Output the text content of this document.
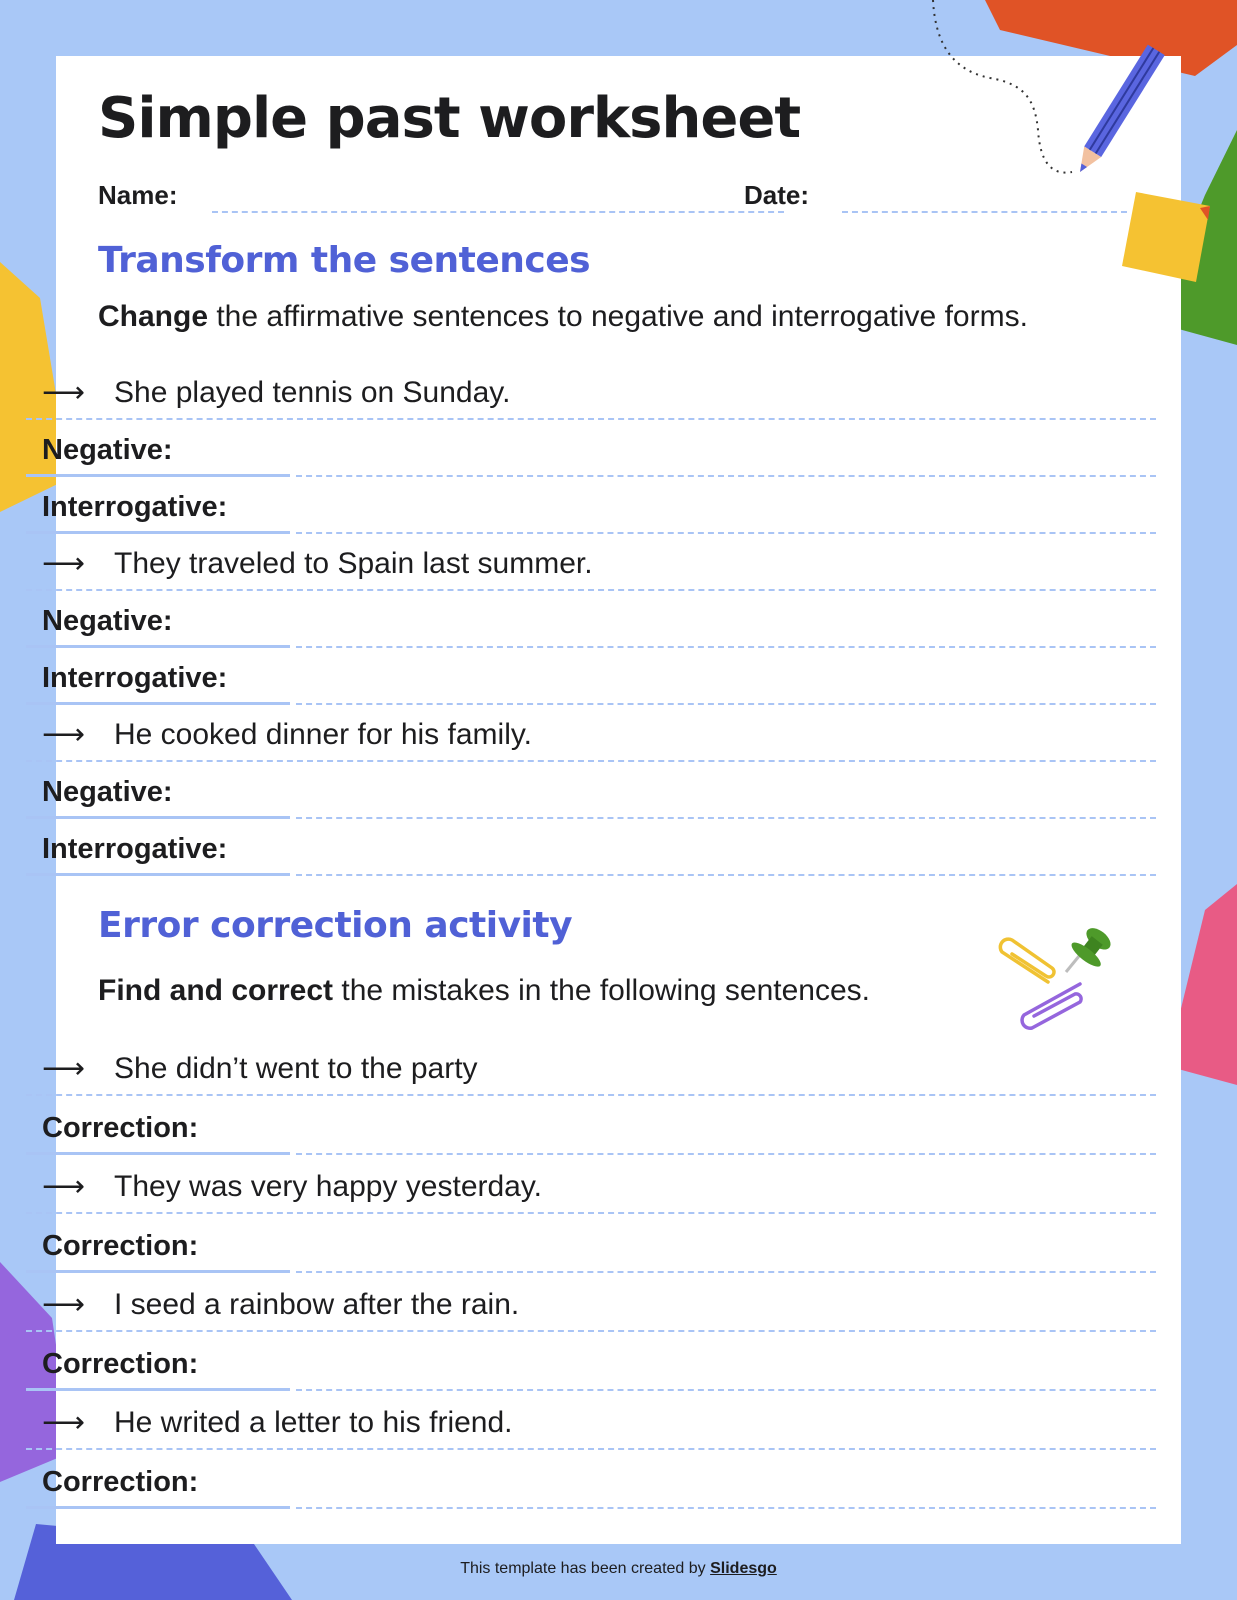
Simple past worksheet
Name:	Date:
Transform the sentences
Change the affirmative sentences to negative and interrogative forms.
Error correction activity
Find and correct the mistakes in the following sentences.
⟶ She played tennis on Sunday.
Negative:
Interrogative:
⟶ They traveled to Spain last summer.
Negative:
Interrogative:
⟶ He cooked dinner for his family.
Negative:
Interrogative:
⟶ She didn’t went to the party
Correction:
⟶ They was very happy yesterday.
Correction:
⟶ I seed a rainbow after the rain.
Correction:
⟶ He writed a letter to his friend.
Correction:
This template has been created by Slidesgo
